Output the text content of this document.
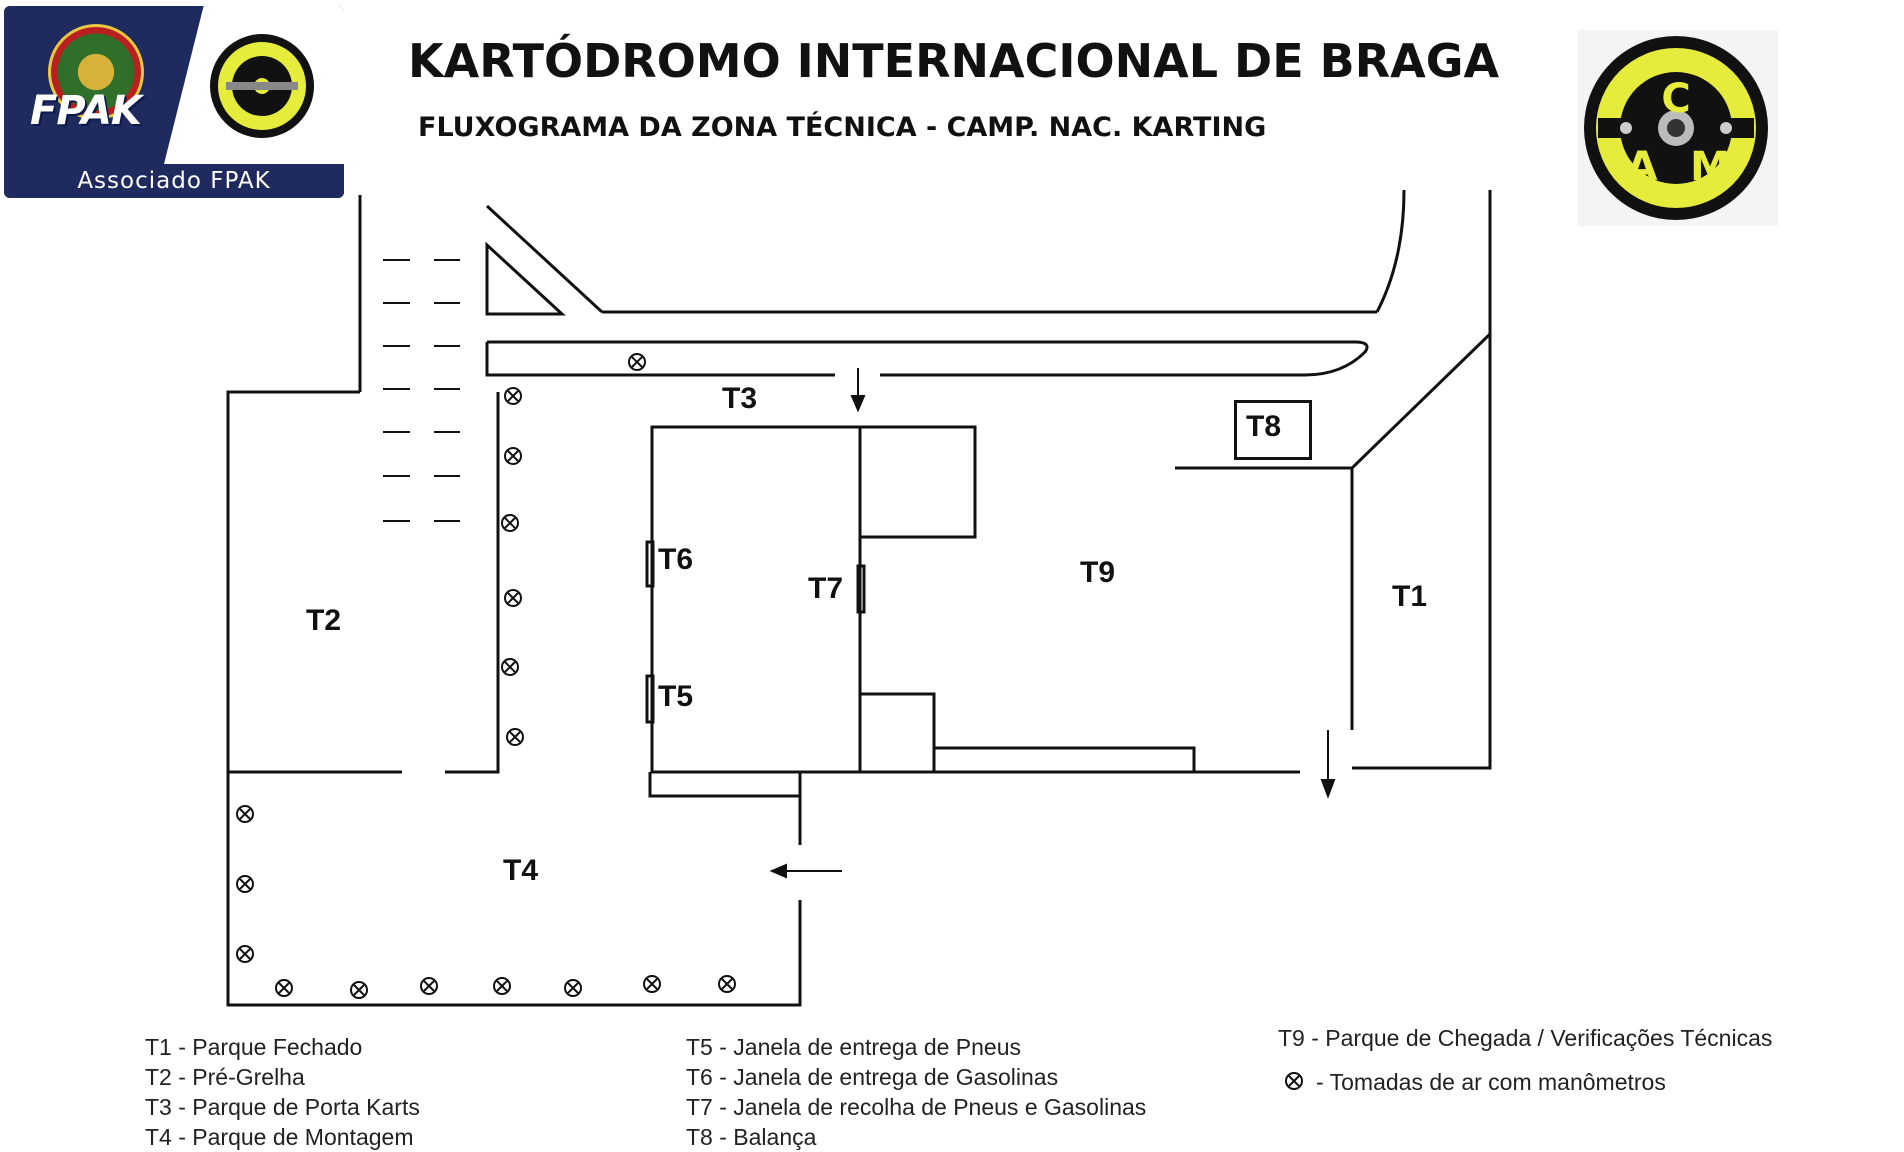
FPAK
Associado FPAK
KARTÓDROMO INTERNACIONAL DE BRAGA
FLUXOGRAMA DA ZONA TÉCNICA - CAMP. NAC. KARTING
C
A M
T8
T3
T6
T5
T7	T9
T1
T2
T4
T1 - Parque Fechado
T2 - Pré-Grelha
T3 - Parque de Porta Karts
T4 - Parque de Montagem
T5 - Janela de entrega de Pneus
T6 - Janela de entrega de Gasolinas
T7 - Janela de recolha de Pneus e Gasolinas
T8 - Balança
T9 - Parque de Chegada / Verificações Técnicas
- Tomadas de ar com manômetros
